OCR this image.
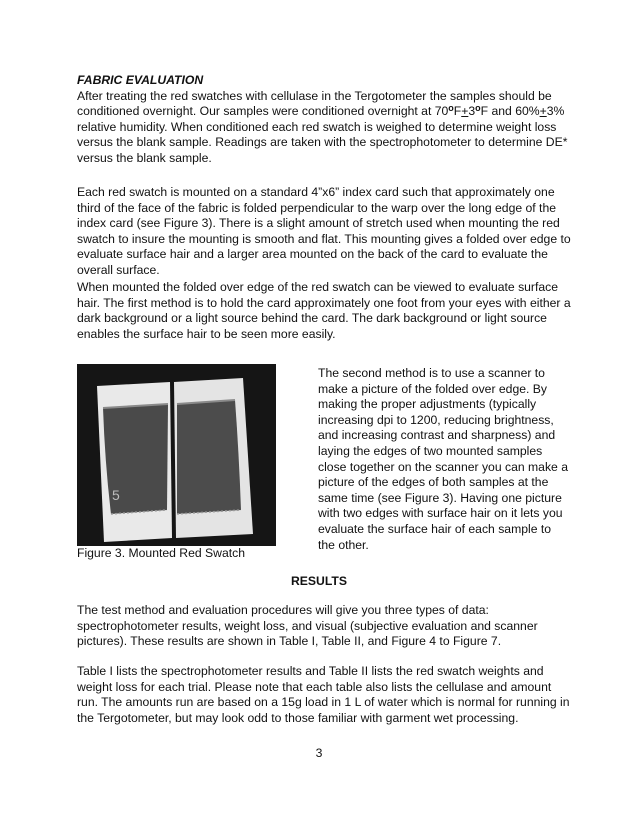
FABRIC EVALUATION
After treating the red swatches with cellulase in the Tergotometer the samples should be conditioned overnight. Our samples were conditioned overnight at $70^oF+3^oF$ and 60%+3% relative humidity. When conditioned each red swatch is weighed to determine weight loss versus the blank sample. Readings are taken with the spectrophotometer to determine DE* versus the blank sample.
Each red swatch is mounted on a standard 4”x6” index card such that approximately one third of the face of the fabric is folded perpendicular to the warp over the long edge of the index card (see Figure 3). There is a slight amount of stretch used when mounting the red swatch to insure the mounting is smooth and flat. This mounting gives a folded over edge to evaluate surface hair and a larger area mounted on the back of the card to evaluate the overall surface.
When mounted the folded over edge of the red swatch can be viewed to evaluate surface hair. The first method is to hold the card approximately one foot from your eyes with either a dark background or a light source behind the card. The dark background or light source enables the surface hair to be seen more easily.
5
Figure 3. Mounted Red Swatch
The second method is to use a scanner to make a picture of the folded over edge. By making the proper adjustments (typically increasing dpi to 1200, reducing brightness, and increasing contrast and sharpness) and laying the edges of two mounted samples close together on the scanner you can make a picture of the edges of both samples at the same time (see Figure 3). Having one picture with two edges with surface hair on it lets you evaluate the surface hair of each sample to the other.
RESULTS
The test method and evaluation procedures will give you three types of data: spectrophotometer results, weight loss, and visual (subjective evaluation and scanner pictures). These results are shown in Table I, Table II, and Figure 4 to Figure 7.
Table I lists the spectrophotometer results and Table II lists the red swatch weights and weight loss for each trial. Please note that each table also lists the cellulase and amount run. The amounts run are based on a 15g load in 1 L of water which is normal for running in the Tergotometer, but may look odd to those familiar with garment wet processing.
3
